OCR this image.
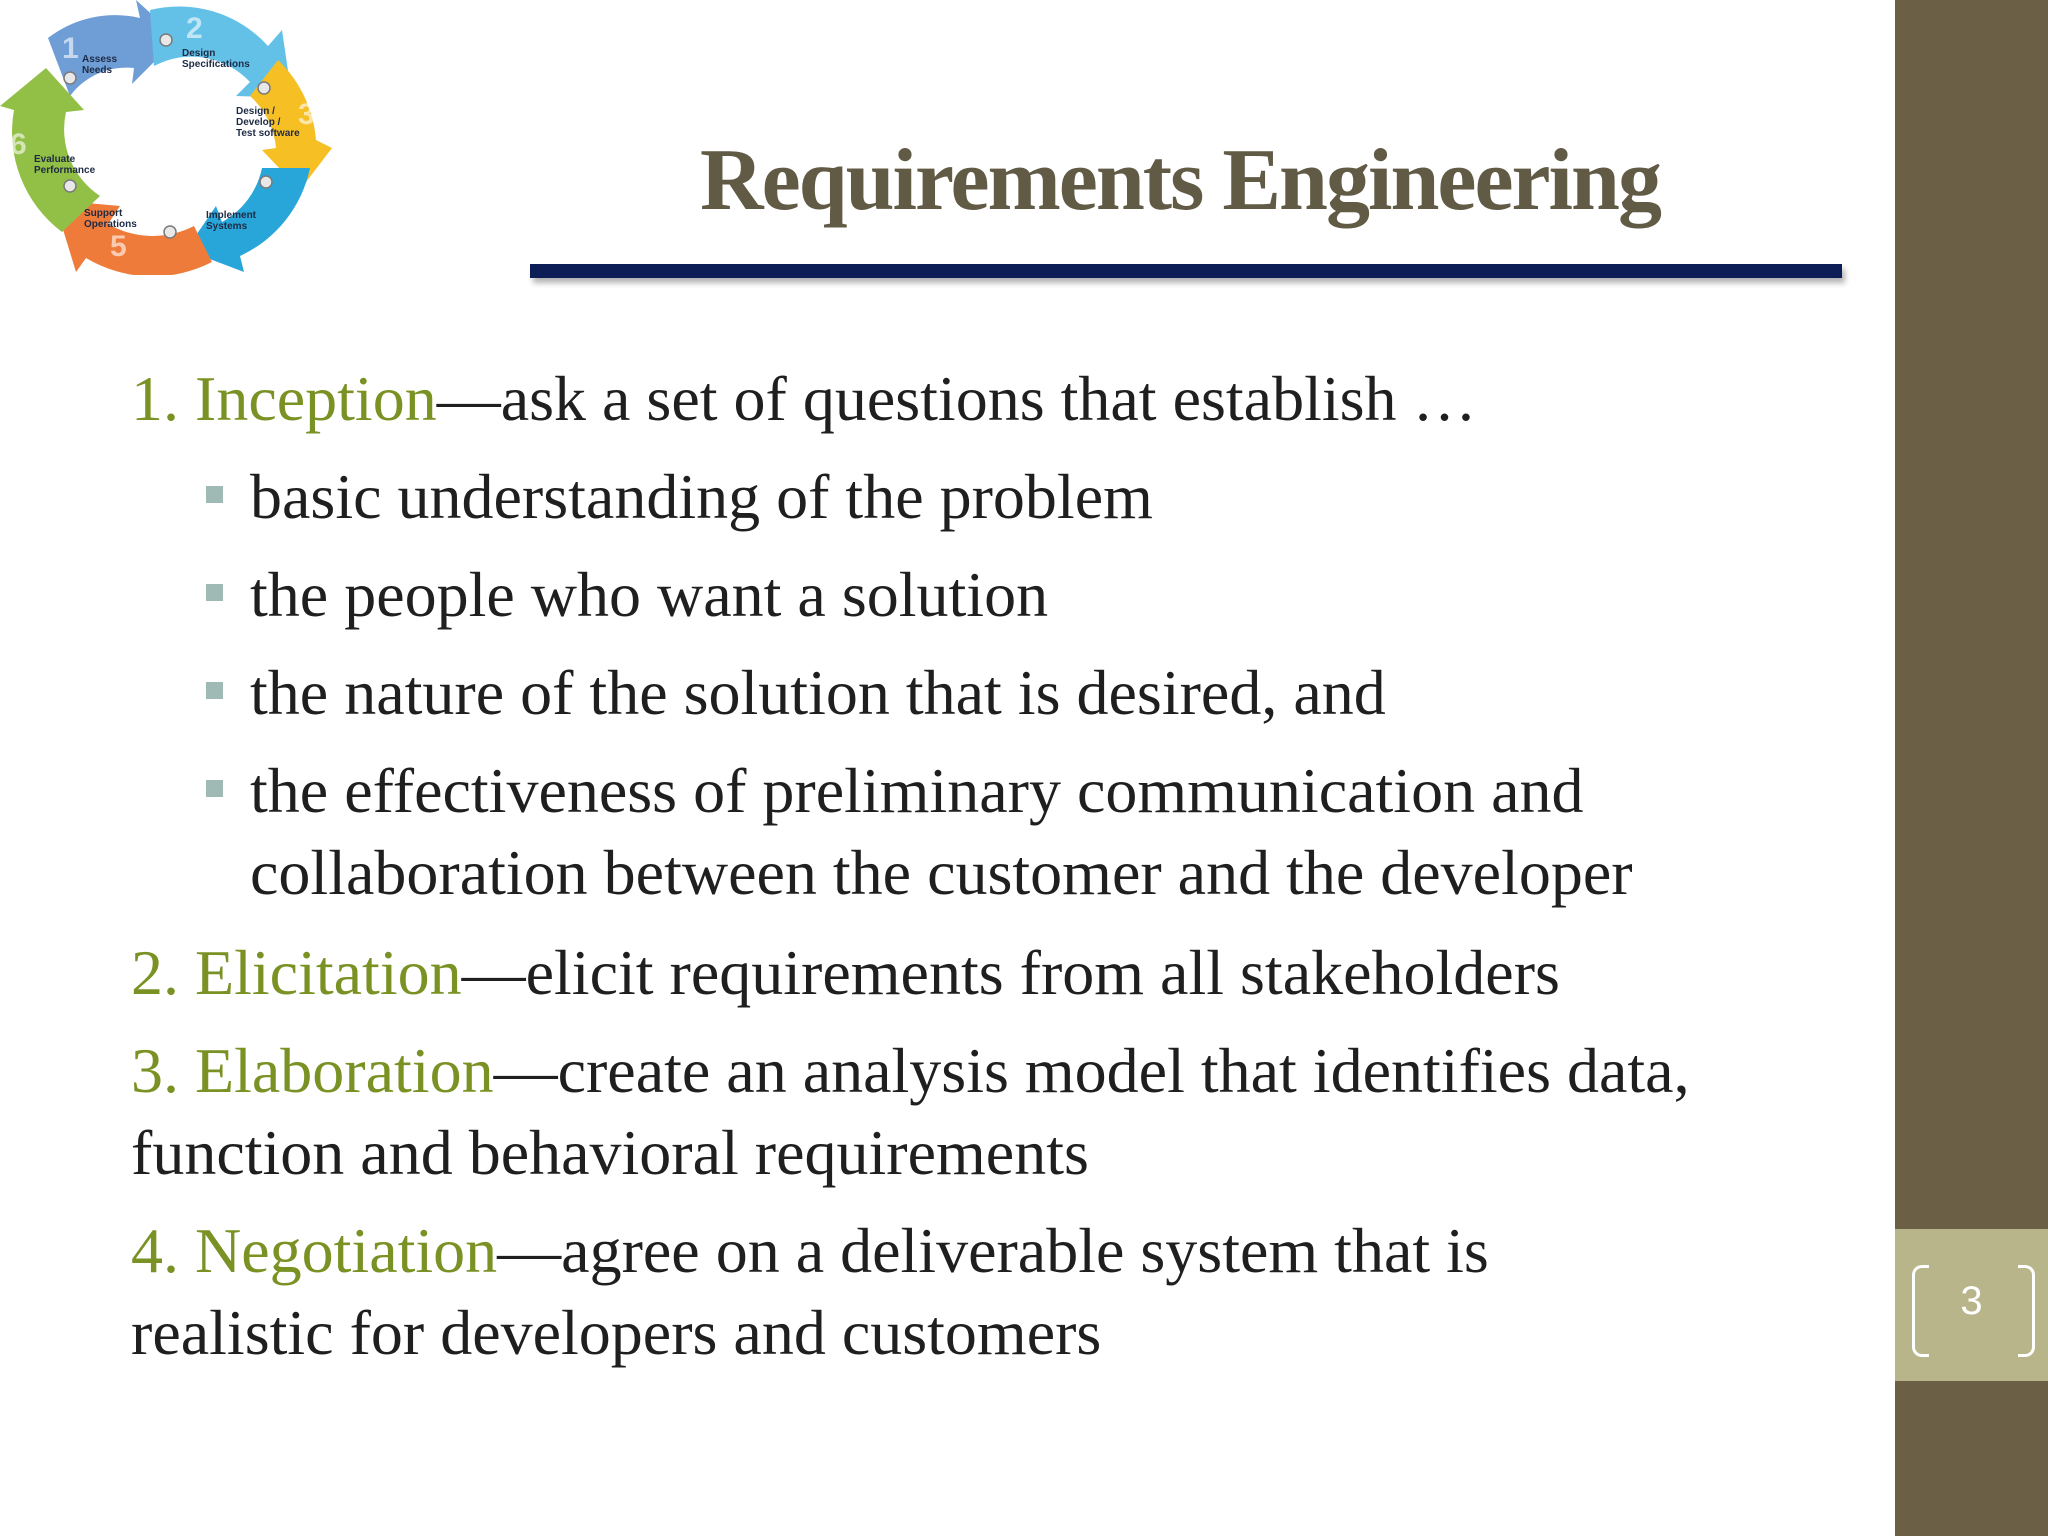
1
2
3
4
5
6
Assess Needs
Design Specifications
Design / Develop / Test software
Implement Systems
Support Operations
Evaluate Performance	Requirements Engineering

1. Inception—ask a set of questions that establish …

basic understanding of the problem
the people who want a solution
the nature of the solution that is desired, and
the effectiveness of preliminary communication and collaboration between the customer and the developer

2. Elicitation—elicit requirements from all stakeholders

3. Elaboration—create an analysis model that identifies data, function and behavioral requirements

4. Negotiation—agree on a deliverable system that is realistic for developers and customers	3
